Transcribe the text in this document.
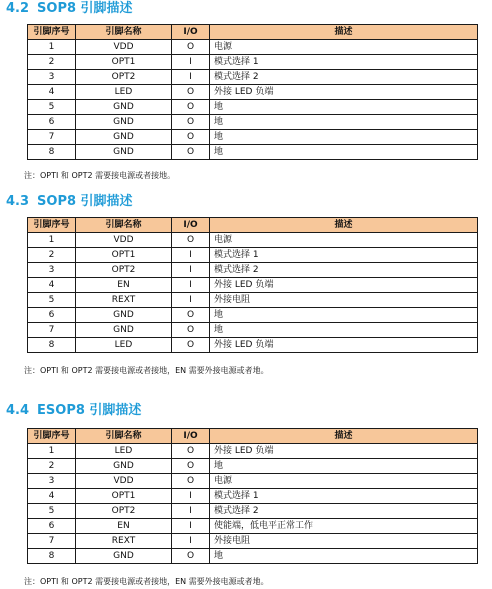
4.2 SOP8 引脚描述
引脚序号	引脚名称	I/O	描述
1	VDD	O	电源
2	OPT1	I	模式选择 1
3	OPT2	I	模式选择 2
4	LED	O	外接 LED 负端
5	GND	O	地
6	GND	O	地
7	GND	O	地
8	GND	O	地
注：OPTI 和 OPT2 需要接电源或者接地。
4.3 SOP8 引脚描述
引脚序号	引脚名称	I/O	描述
1	VDD	O	电源
2	OPT1	I	模式选择 1
3	OPT2	I	模式选择 2
4	EN	I	外接 LED 负端
5	REXT	I	外接电阻
6	GND	O	地
7	GND	O	地
8	LED	O	外接 LED 负端
注：OPTI 和 OPT2 需要接电源或者接地，EN 需要外接电源或者地。
4.4 ESOP8 引脚描述
引脚序号	引脚名称	I/O	描述
1	LED	O	外接 LED 负端
2	GND	O	地
3	VDD	O	电源
4	OPT1	I	模式选择 1
5	OPT2	I	模式选择 2
6	EN	I	使能端，低电平正常工作
7	REXT	I	外接电阻
8	GND	O	地
注：OPTI 和 OPT2 需要接电源或者接地，EN 需要外接电源或者地。
